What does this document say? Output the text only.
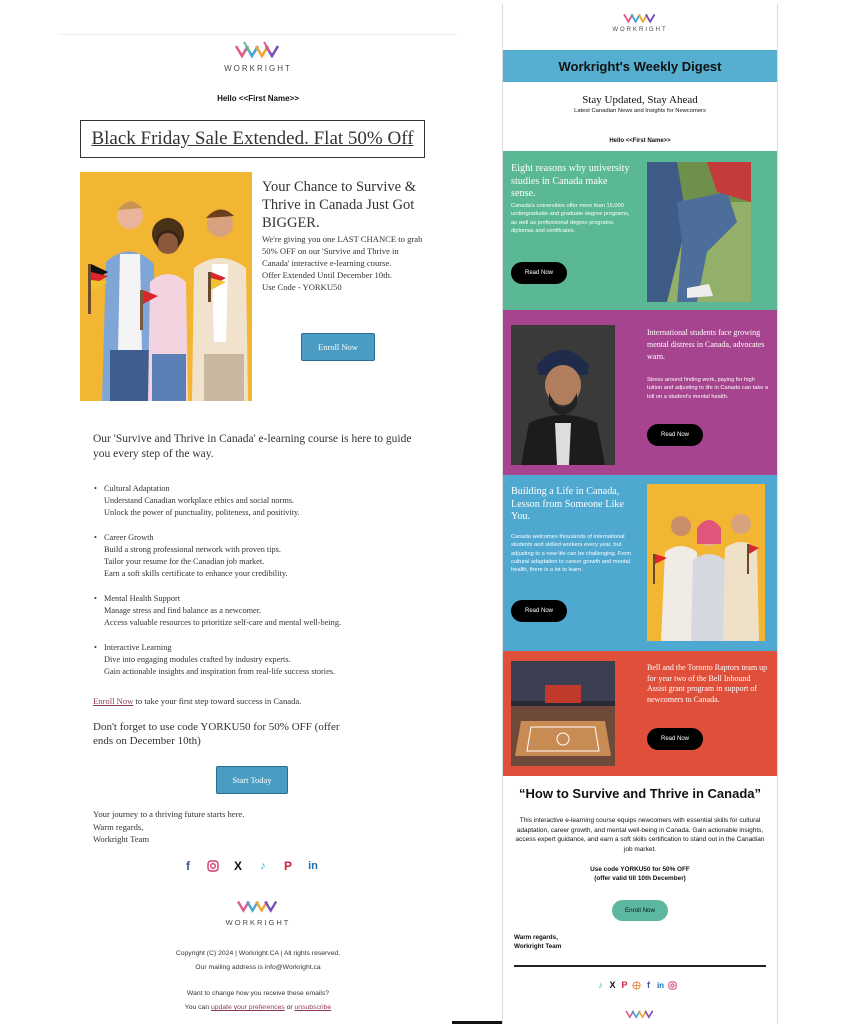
WORKRIGHT
Hello <<First Name>>
Black Friday Sale Extended. Flat 50% Off
Your Chance to Survive & Thrive in Canada Just Got BIGGER.
We're giving you one LAST CHANCE to grab 50% OFF on our 'Survive and Thrive in Canada' interactive e-learning course.
Offer Extended Until December 10th.
Use Code - YORKU50
Enroll Now
Our 'Survive and Thrive in Canada' e-learning course is here to guide you every step of the way.
• Cultural Adaptation
Understand Canadian workplace ethics and social norms.
Unlock the power of punctuality, politeness, and positivity.
• Career Growth
Build a strong professional network with proven tips.
Tailor your resume for the Canadian job market.
Earn a soft skills certificate to enhance your credibility.
• Mental Health Support
Manage stress and find balance as a newcomer.
Access valuable resources to prioritize self-care and mental well-being.
• Interactive Learning
Dive into engaging modules crafted by industry experts.
Gain actionable insights and inspiration from real-life success stories.
Enroll Now to take your first step toward success in Canada.
Don't forget to use code YORKU50 for 50% OFF (offer ends on December 10th)
Start Today
Your journey to a thriving future starts here.
Warm regards,
Workright Team
f	X ♪ P in
WORKRIGHT
Copyright (C) 2024 | Workright.CA | All rights reserved.
Our mailing address is info@Workright.ca
Want to change how you receive these emails?
You can update your preferences or unsubscribe
WORKRIGHT
Workright's Weekly Digest
Stay Updated, Stay Ahead
Latest Canadian News and Insights for Newcomers
Hello <<First Name>>
Eight reasons why university studies in Canada make sense.
Canada's universities offer more than 15,000 undergraduate and graduate degree programs, as well as professional degree programs, diplomas and certificates.
Read Now
International students face growing mental distress in Canada, advocates warn.
Stress around finding work, paying for high tuition and adjusting to life in Canada can take a toll on a student's mental health.
Read Now
Building a Life in Canada, Lesson from Someone Like You.
Canada welcomes thousands of international students and skilled workers every year, but adjusting to a new life can be challenging. From cultural adaptation to career growth and mental health, there is a lot to learn.
Read Now
Bell and the Toronto Raptors team up for year two of the Bell Inbound Assist grant program in support of newcomers to Canada.
Read Now
“How to Survive and Thrive in Canada”
This interactive e-learning course equips newcomers with essential skills for cultural adaptation, career growth, and mental well-being in Canada. Gain actionable insights, access expert guidance, and earn a soft skills certification to stand out in the Canadian job market.
Use code YORKU50 for 50% OFF
(offer valid till 10th December)
Enroll Now
Warm regards,
Workright Team
♪ X P	f in
